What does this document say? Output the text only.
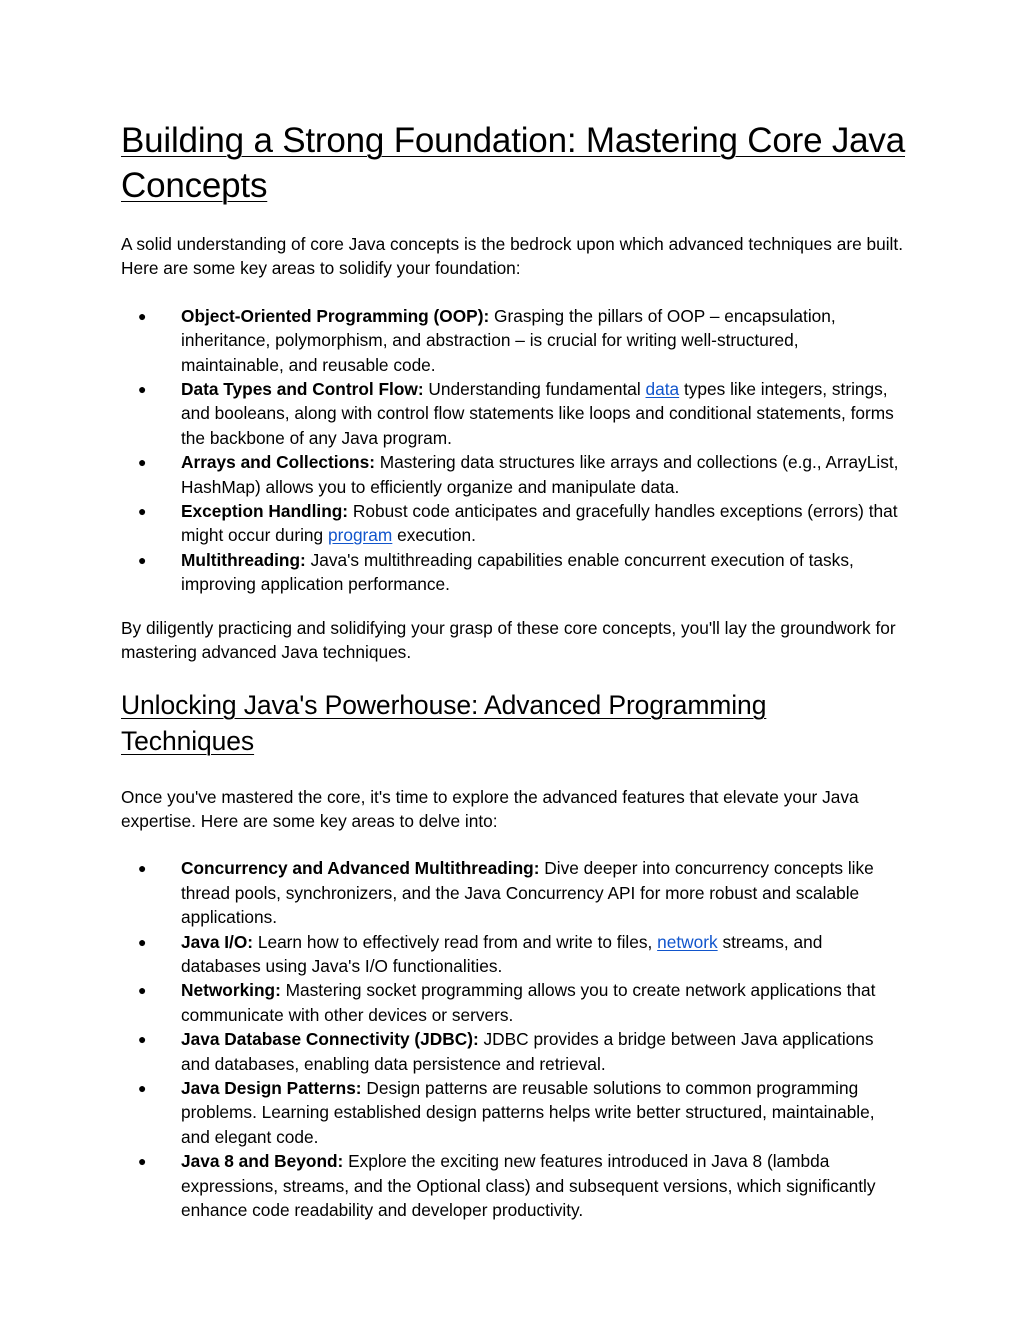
Building a Strong Foundation: Mastering Core Java Concepts

A solid understanding of core Java concepts is the bedrock upon which advanced techniques are built. Here are some key areas to solidify your foundation:

● Object-Oriented Programming (OOP): Grasping the pillars of OOP – encapsulation, inheritance, polymorphism, and abstraction – is crucial for writing well-structured, maintainable, and reusable code.
● Data Types and Control Flow: Understanding fundamental data types like integers, strings, and booleans, along with control flow statements like loops and conditional statements, forms the backbone of any Java program.
● Arrays and Collections: Mastering data structures like arrays and collections (e.g., ArrayList, HashMap) allows you to efficiently organize and manipulate data.
● Exception Handling: Robust code anticipates and gracefully handles exceptions (errors) that might occur during program execution.
● Multithreading: Java's multithreading capabilities enable concurrent execution of tasks, improving application performance.

By diligently practicing and solidifying your grasp of these core concepts, you'll lay the groundwork for mastering advanced Java techniques.

Unlocking Java's Powerhouse: Advanced Programming Techniques

Once you've mastered the core, it's time to explore the advanced features that elevate your Java expertise. Here are some key areas to delve into:

● Concurrency and Advanced Multithreading: Dive deeper into concurrency concepts like thread pools, synchronizers, and the Java Concurrency API for more robust and scalable applications.
● Java I/O: Learn how to effectively read from and write to files, network streams, and databases using Java's I/O functionalities.
● Networking: Mastering socket programming allows you to create network applications that communicate with other devices or servers.
● Java Database Connectivity (JDBC): JDBC provides a bridge between Java applications and databases, enabling data persistence and retrieval.
● Java Design Patterns: Design patterns are reusable solutions to common programming problems. Learning established design patterns helps write better structured, maintainable, and elegant code.
● Java 8 and Beyond: Explore the exciting new features introduced in Java 8 (lambda expressions, streams, and the Optional class) and subsequent versions, which significantly enhance code readability and developer productivity.
